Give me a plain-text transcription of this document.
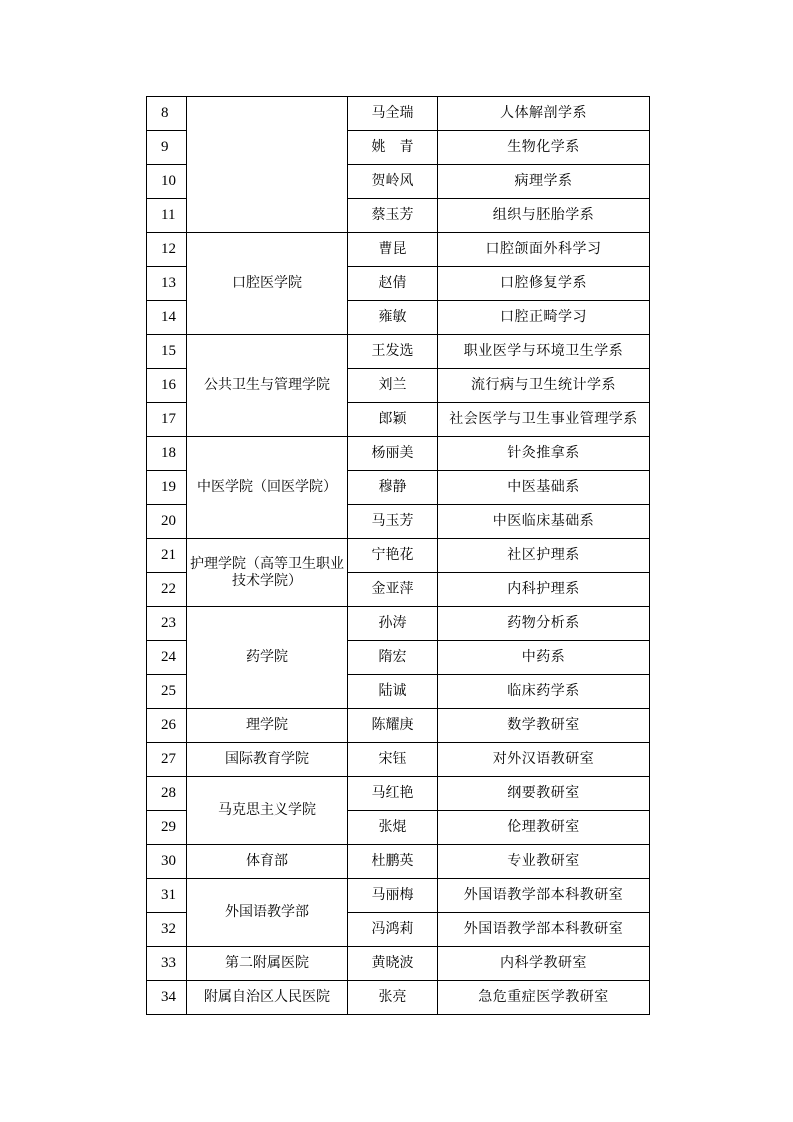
8		马全瑞	人体解剖学系
9		姚　青	生物化学系
10		贺岭风	病理学系
11		蔡玉芳	组织与胚胎学系
12	口腔医学院	曹昆	口腔颌面外科学习
13		赵倩	口腔修复学系
14		雍敏	口腔正畸学习
15	公共卫生与管理学院	王发选	职业医学与环境卫生学系
16		刘兰	流行病与卫生统计学系
17		郎颖	社会医学与卫生事业管理学系
18	中医学院（回医学院）	杨丽美	针灸推拿系
19		穆静	中医基础系
20		马玉芳	中医临床基础系
21	护理学院（高等卫生职业技术学院）	宁艳花	社区护理系
22		金亚萍	内科护理系
23	药学院	孙涛	药物分析系
24		隋宏	中药系
25		陆诚	临床药学系
26	理学院	陈耀庚	数学教研室
27	国际教育学院	宋钰	对外汉语教研室
28	马克思主义学院	马红艳	纲要教研室
29		张焜	伦理教研室
30	体育部	杜鹏英	专业教研室
31	外国语教学部	马丽梅	外国语教学部本科教研室
32		冯鸿莉	外国语教学部本科教研室
33	第二附属医院	黄晓波	内科学教研室
34	附属自治区人民医院	张亮	急危重症医学教研室
